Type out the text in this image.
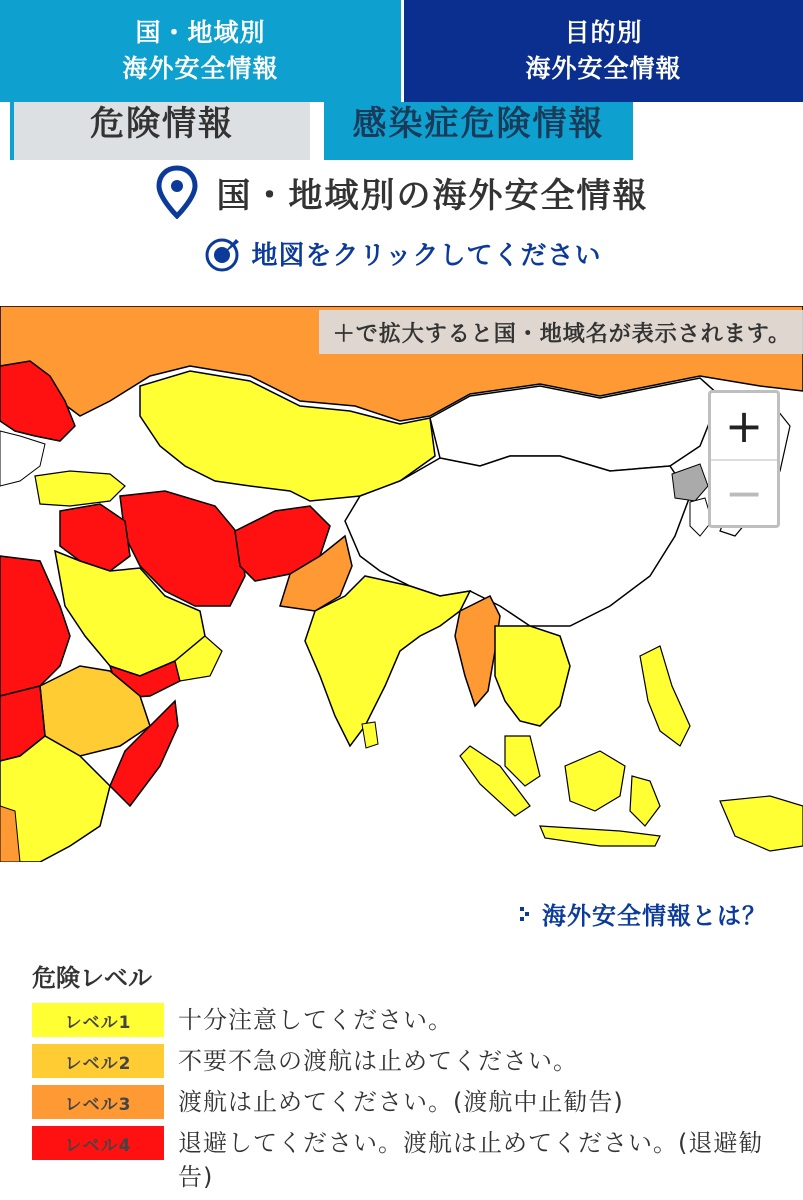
国・地域別
海外安全情報
目的別
海外安全情報
危険情報	感染症危険情報
国・地域別の海外安全情報
地図をクリックしてください
＋で拡大すると国・地域名が表示されます。
+
−
海外安全情報とは？
危険レベル
レベル1	十分注意してください。
レベル2	不要不急の渡航は止めてください。
レベル3	渡航は止めてください。(渡航中止勧告)
レベル4	退避してください。渡航は止めてください。(退避勧告)
